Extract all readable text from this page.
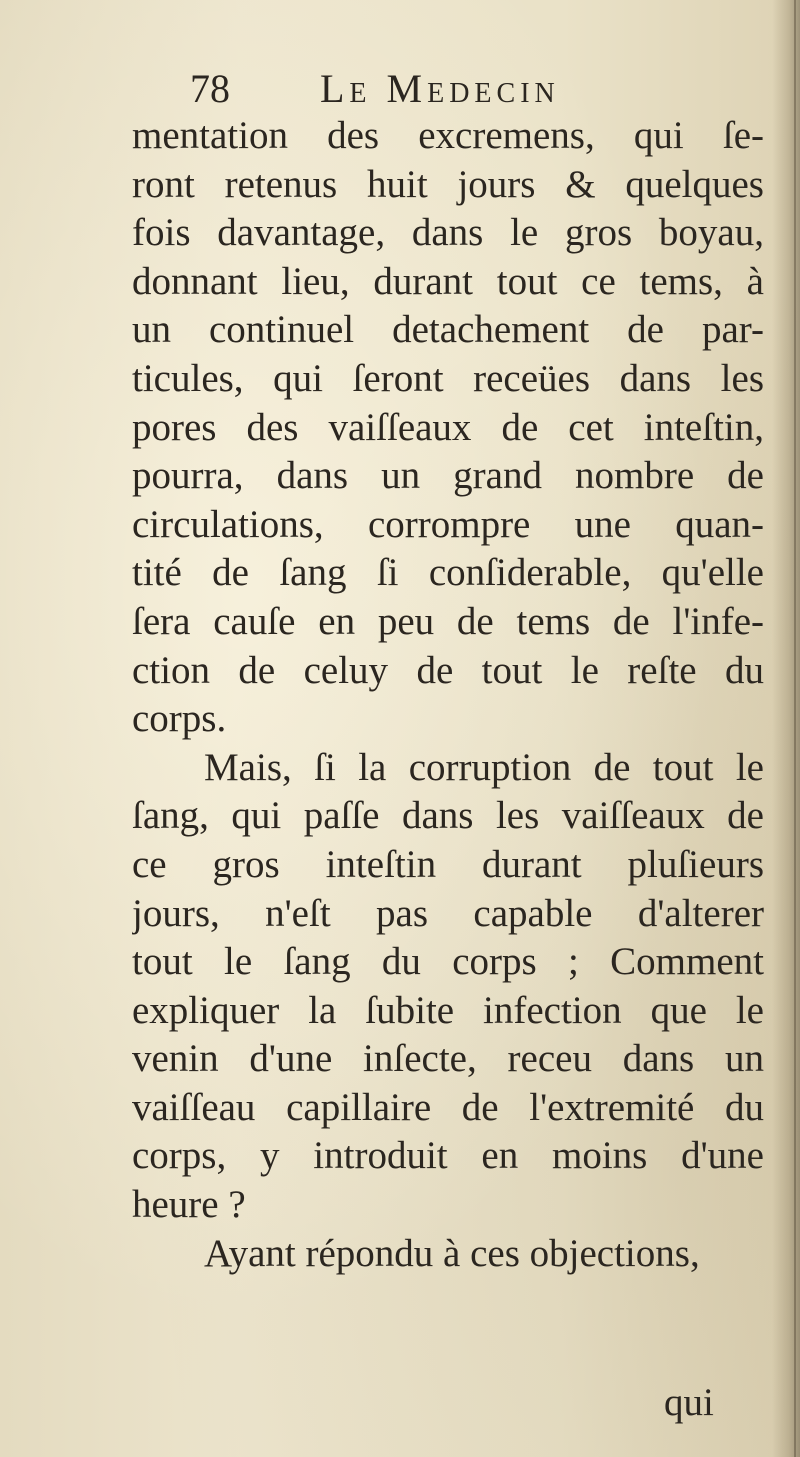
78 Le Medecin
mentation des excremens, qui ſe-
ront retenus huit jours & quelques
fois davantage, dans le gros boyau,
donnant lieu, durant tout ce tems, à
un continuel detachement de par-
ticules, qui ſeront receües dans les
pores des vaiſſeaux de cet inteſtin,
pourra, dans un grand nombre de
circulations, corrompre une quan-
tité de ſang ſi conſiderable, qu'elle
ſera cauſe en peu de tems de l'infe-
ction de celuy de tout le reſte du
corps.
Mais, ſi la corruption de tout le
ſang, qui paſſe dans les vaiſſeaux de
ce gros inteſtin durant pluſieurs
jours, n'eſt pas capable d'alterer
tout le ſang du corps ; Comment
expliquer la ſubite infection que le
venin d'une inſecte, receu dans un
vaiſſeau capillaire de l'extremité du
corps, y introduit en moins d'une
heure ?
Ayant répondu à ces objections,
qui
